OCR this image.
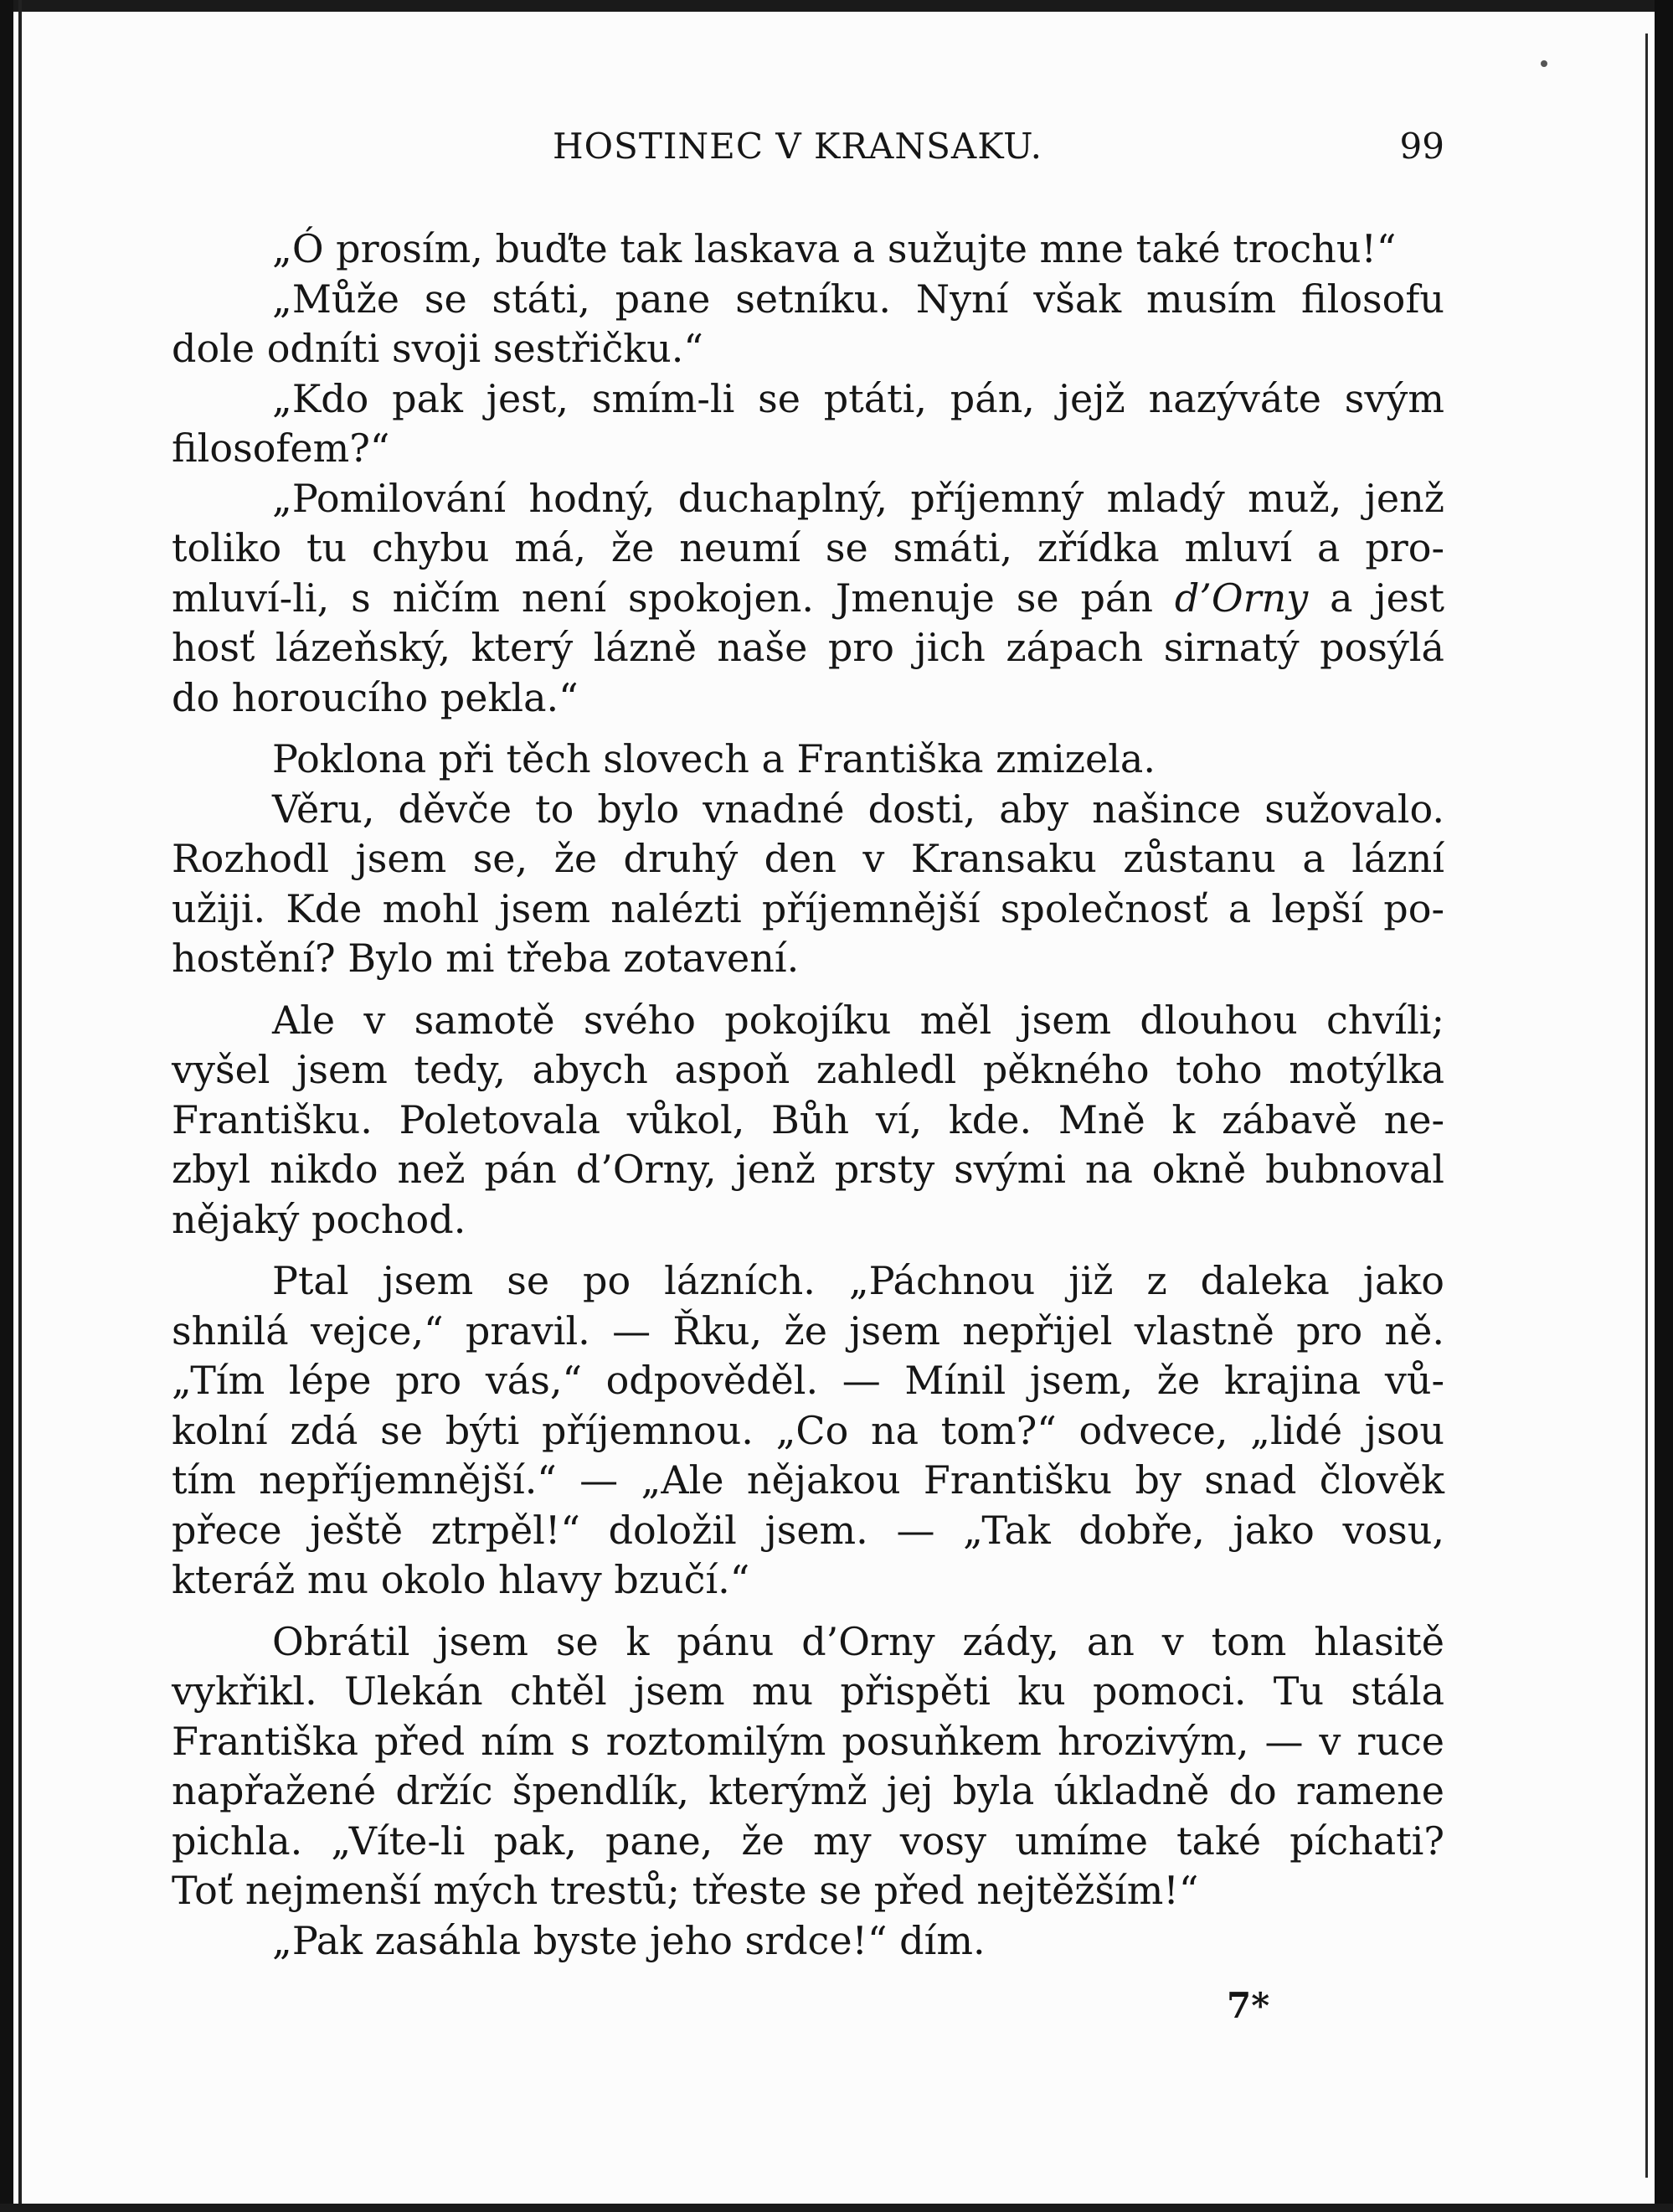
HOSTINEC V KRANSAKU.	99

„Ó prosím, buďte tak laskava a sužujte mne také trochu!“

„Může se státi, pane setníku. Nyní však musím filosofu
dole odníti svoji sestřičku.“

„Kdo pak jest, smím-li se ptáti, pán, jejž nazýváte svým
filosofem?“

„Pomilování hodný, duchaplný, příjemný mladý muž, jenž
toliko tu chybu má, že neumí se smáti, zřídka mluví a pro-
mluví-li, s ničím není spokojen. Jmenuje se pán d’Orny a jest
hosť lázeňský, který lázně naše pro jich zápach sirnatý posýlá
do horoucího pekla.“

Poklona při těch slovech a Františka zmizela.

Věru, děvče to bylo vnadné dosti, aby našince sužovalo.
Rozhodl jsem se, že druhý den v Kransaku zůstanu a lázní
užiji. Kde mohl jsem nalézti příjemnější společnosť a lepší po-
hostění? Bylo mi třeba zotavení.

Ale v samotě svého pokojíku měl jsem dlouhou chvíli;
vyšel jsem tedy, abych aspoň zahledl pěkného toho motýlka
Františku. Poletovala vůkol, Bůh ví, kde. Mně k zábavě ne-
zbyl nikdo než pán d’Orny, jenž prsty svými na okně bubnoval
nějaký pochod.

Ptal jsem se po lázních. „Páchnou již z daleka jako
shnilá vejce,“ pravil. — Řku, že jsem nepřijel vlastně pro ně.
„Tím lépe pro vás,“ odpověděl. — Mínil jsem, že krajina vů-
kolní zdá se býti příjemnou. „Co na tom?“ odvece, „lidé jsou
tím nepříjemnější.“ — „Ale nějakou Františku by snad člověk
přece ještě ztrpěl!“ doložil jsem. — „Tak dobře, jako vosu,
kteráž mu okolo hlavy bzučí.“

Obrátil jsem se k pánu d’Orny zády, an v tom hlasitě
vykřikl. Ulekán chtěl jsem mu přispěti ku pomoci. Tu stála
Františka před ním s roztomilým posuňkem hrozivým, — v ruce
napřažené držíc špendlík, kterýmž jej byla úkladně do ramene
pichla. „Víte-li pak, pane, že my vosy umíme také píchati?
Toť nejmenší mých trestů; třeste se před nejtěžším!“

„Pak zasáhla byste jeho srdce!“ dím.

7*
